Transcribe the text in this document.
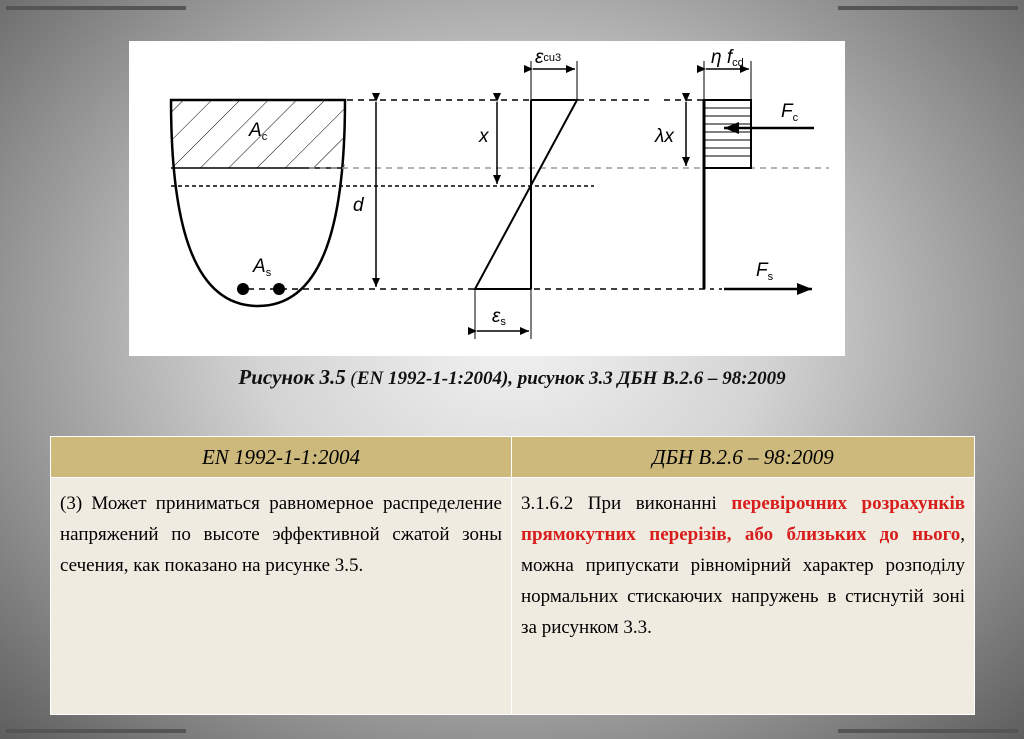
$A_c$
$A_s$
d
x
εcu3
εs
η fcd
λx
$F_c$
$F_s$
Рисунок 3.5 (EN 1992-1-1:2004), рисунок 3.3 ДБН В.2.6 – 98:2009
EN 1992-1-1:2004	ДБН В.2.6 – 98:2009
(3) Может приниматься равномерное распределение напряжений по высоте эффективной сжатой зоны сечения, как показано на рисунке 3.5.	3.1.6.2 При виконанні перевірочних розрахунків прямокутних перерізів, або близьких до нього, можна припускати рівномірний характер розподілу нормальних стискаючих напружень в стиснутій зоні за рисунком 3.3.
